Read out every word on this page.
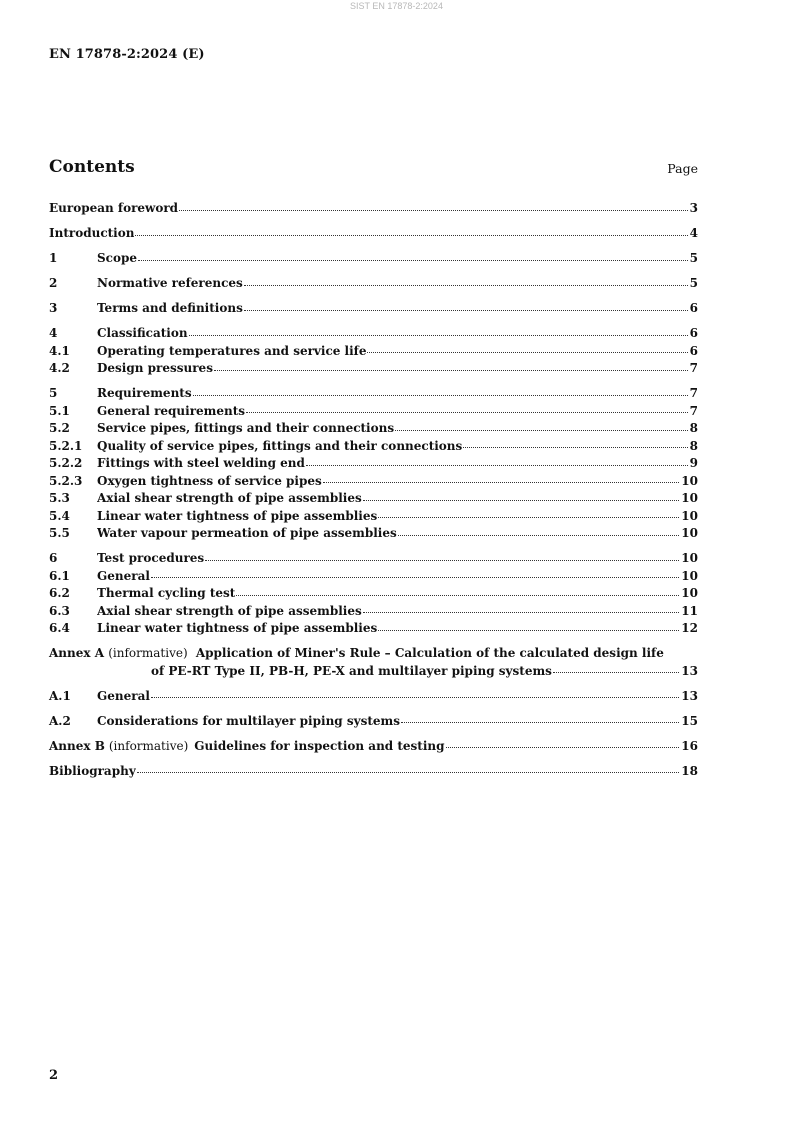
SIST EN 17878-2:2024
EN 17878-2:2024 (E)
Contents	Page
European foreword	3
Introduction	4
1	Scope	5
2	Normative references	5
3	Terms and definitions	6
4	Classification	6
4.1	Operating temperatures and service life	6
4.2	Design pressures	7
5	Requirements	7
5.1	General requirements	7
5.2	Service pipes, fittings and their connections	8
5.2.1	Quality of service pipes, fittings and their connections	8
5.2.2	Fittings with steel welding end	9
5.2.3	Oxygen tightness of service pipes	10
5.3	Axial shear strength of pipe assemblies	10
5.4	Linear water tightness of pipe assemblies	10
5.5	Water vapour permeation of pipe assemblies	10
6	Test procedures	10
6.1	General	10
6.2	Thermal cycling test	10
6.3	Axial shear strength of pipe assemblies	11
6.4	Linear water tightness of pipe assemblies	12
Annex A (informative) Application of Miner's Rule – Calculation of the calculated design life
of PE-RT Type II, PB-H, PE-X and multilayer piping systems	13
A.1	General	13
A.2	Considerations for multilayer piping systems	15
Annex B (informative) Guidelines for inspection and testing	16
Bibliography	18
2
